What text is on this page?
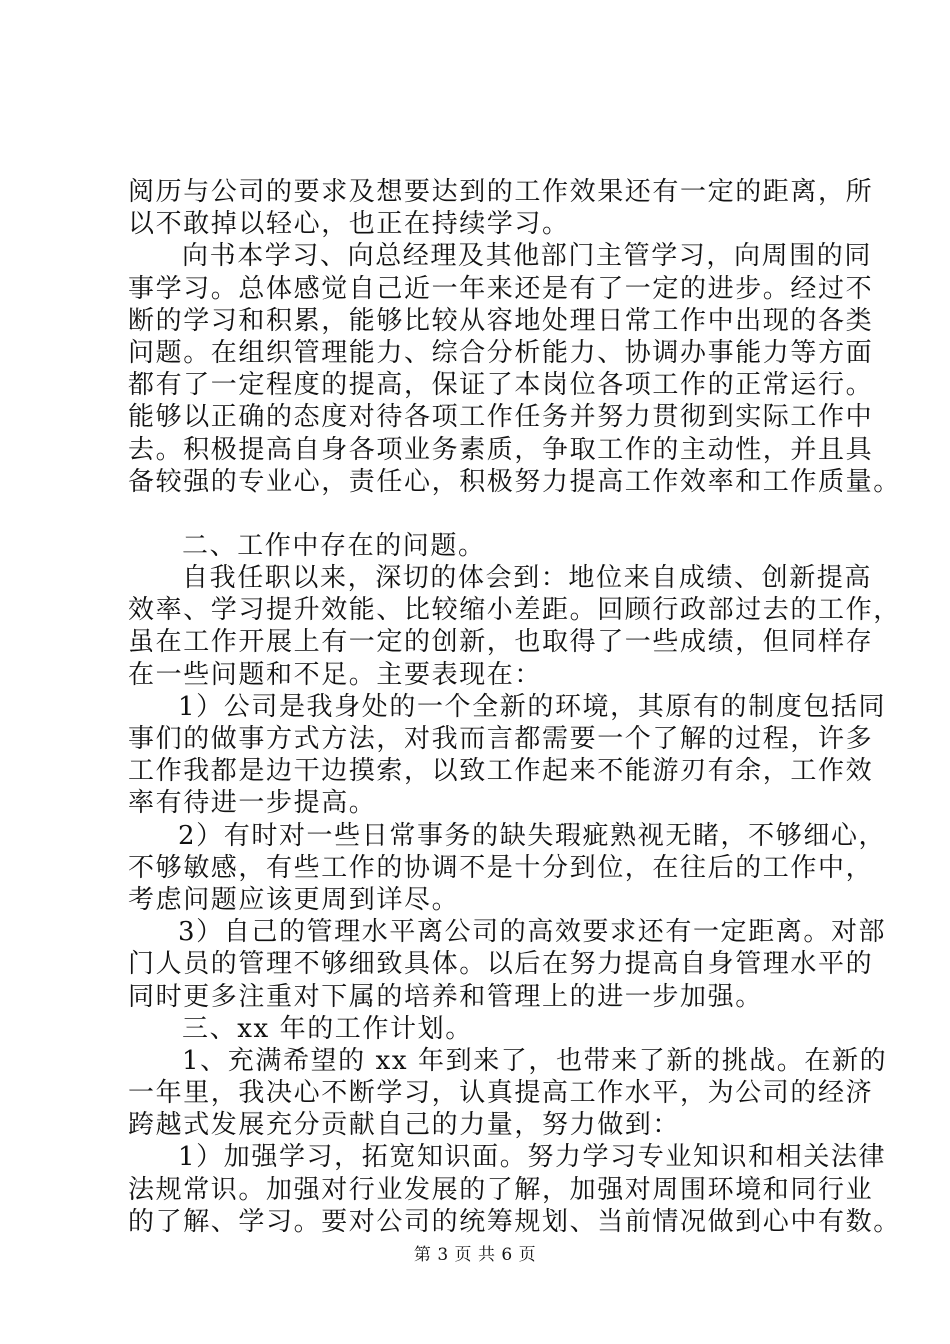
阅历与公司的要求及想要达到的工作效果还有一定的距离，所
以不敢掉以轻心，也正在持续学习。
向书本学习、向总经理及其他部门主管学习，向周围的同
事学习。总体感觉自己近一年来还是有了一定的进步。经过不
断的学习和积累，能够比较从容地处理日常工作中出现的各类
问题。在组织管理能力、综合分析能力、协调办事能力等方面
都有了一定程度的提高，保证了本岗位各项工作的正常运行。
能够以正确的态度对待各项工作任务并努力贯彻到实际工作中
去。积极提高自身各项业务素质，争取工作的主动性，并且具
备较强的专业心，责任心，积极努力提高工作效率和工作质量。
二、工作中存在的问题。
自我任职以来，深切的体会到：地位来自成绩、创新提高
效率、学习提升效能、比较缩小差距。回顾行政部过去的工作，
虽在工作开展上有一定的创新，也取得了一些成绩，但同样存
在一些问题和不足。主要表现在：
1）公司是我身处的一个全新的环境，其原有的制度包括同
事们的做事方式方法，对我而言都需要一个了解的过程，许多
工作我都是边干边摸索，以致工作起来不能游刃有余，工作效
率有待进一步提高。
2）有时对一些日常事务的缺失瑕疵熟视无睹，不够细心，
不够敏感，有些工作的协调不是十分到位，在往后的工作中，
考虑问题应该更周到详尽。
3）自己的管理水平离公司的高效要求还有一定距离。对部
门人员的管理不够细致具体。以后在努力提高自身管理水平的
同时更多注重对下属的培养和管理上的进一步加强。
三、xx 年的工作计划。
1、充满希望的 xx 年到来了，也带来了新的挑战。在新的
一年里，我决心不断学习，认真提高工作水平，为公司的经济
跨越式发展充分贡献自己的力量，努力做到：
1）加强学习，拓宽知识面。努力学习专业知识和相关法律
法规常识。加强对行业发展的了解，加强对周围环境和同行业
的了解、学习。要对公司的统筹规划、当前情况做到心中有数。
第 3 页 共 6 页
